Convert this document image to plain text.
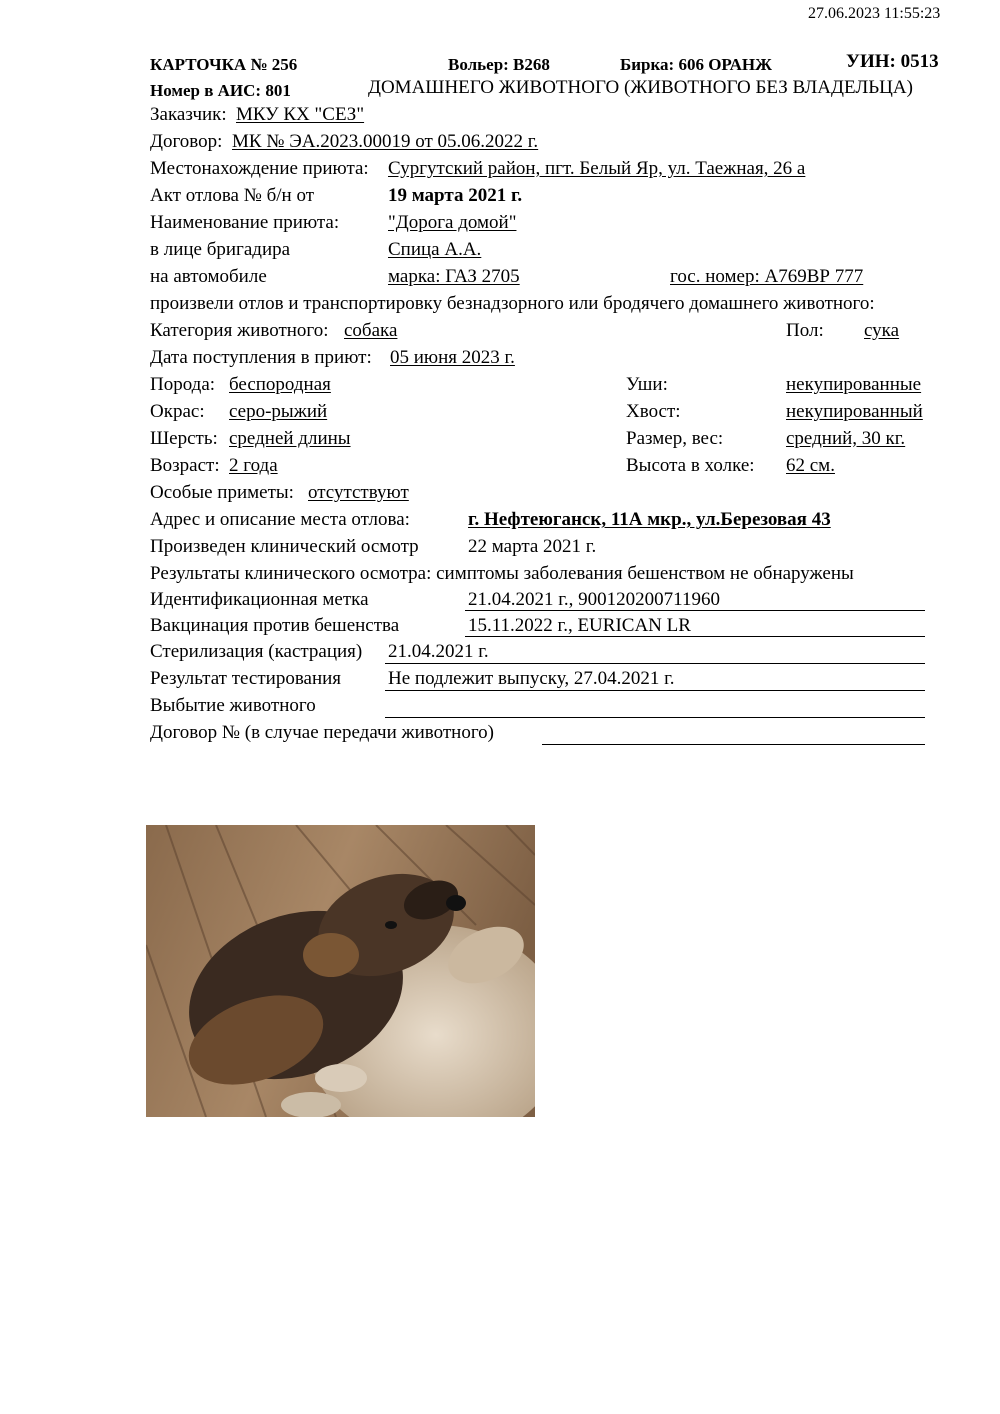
27.06.2023 11:55:23
КАРТОЧКА № 256	Вольер: B268	Бирка: 606 ОРАНЖ	УИН: 0513
Номер в АИС: 801	ДОМАШНЕГО ЖИВОТНОГО (ЖИВОТНОГО БЕЗ ВЛАДЕЛЬЦА)
Заказчик: МКУ КХ "СЕЗ"
Договор: МК № ЭА.2023.00019 от 05.06.2022 г.
Местонахождение приюта: Сургутский район, пгт. Белый Яр, ул. Таежная, 26 а
Акт отлова № б/н от	19 марта 2021 г.
Наименование приюта:	"Дорога домой"
в лице бригадира	Спица А.А.
на автомобиле	марка: ГАЗ 2705	гос. номер: А769ВР 777
произвели отлов и транспортировку безнадзорного или бродячего домашнего животного:
Категория животного: собака	Пол: сука
Дата поступления в приют: 05 июня 2023 г.
Порода: беспородная	Уши:	некупированные
Окрас: серо-рыжий	Хвост:	некупированный
Шерсть: средней длины	Размер, вес:	средний, 30 кг.
Возраст: 2 года	Высота в холке: 62 см.
Особые приметы: отсутствуют
Адрес и описание места отлова:	г. Нефтеюганск, 11А мкр., ул.Березовая 43
Произведен клинический осмотр	22 марта 2021 г.
Результаты клинического осмотра: симптомы заболевания бешенством не обнаружены
Идентификационная метка	21.04.2021 г., 900120200711960
Вакцинация против бешенства	15.11.2022 г., EURICAN LR
Стерилизация (кастрация) 21.04.2021 г.
Результат тестирования Не подлежит выпуску, 27.04.2021 г.
Выбытие животного
Договор № (в случае передачи животного)
